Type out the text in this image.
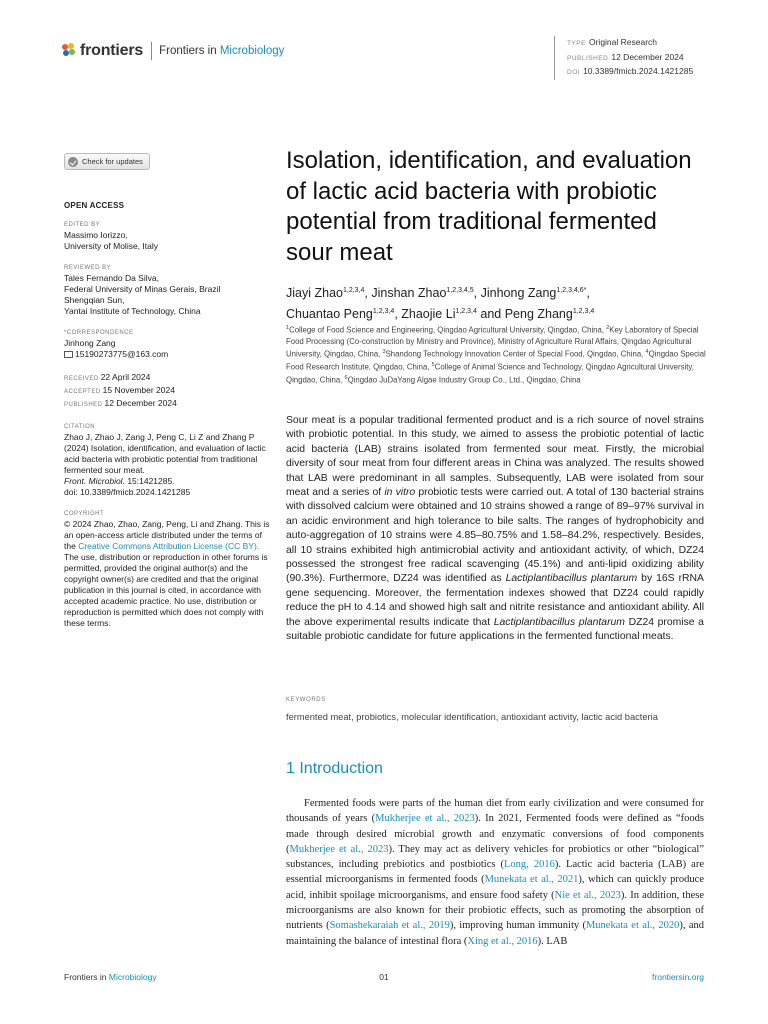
frontiers Frontiers in Microbiology
TYPE Original Research
PUBLISHED 12 December 2024
DOI 10.3389/fmicb.2024.1421285
Check for updates
OPEN ACCESS
EDITED BY
Massimo Iorizzo,
University of Molise, Italy
REVIEWED BY
Tales Fernando Da Silva,
Federal University of Minas Gerais, Brazil
Shengqian Sun,
Yantai Institute of Technology, China
*CORRESPONDENCE
Jinhong Zang
15190273775@163.com
RECEIVED 22 April 2024
ACCEPTED 15 November 2024
PUBLISHED 12 December 2024
CITATION
Zhao J, Zhao J, Zang J, Peng C, Li Z and Zhang P (2024) Isolation, identification, and evaluation of lactic acid bacteria with probiotic potential from traditional fermented sour meat.
Front. Microbiol. 15:1421285.
doi: 10.3389/fmicb.2024.1421285
COPYRIGHT
© 2024 Zhao, Zhao, Zang, Peng, Li and Zhang. This is an open-access article distributed under the terms of the Creative Commons Attribution License (CC BY). The use, distribution or reproduction in other forums is permitted, provided the original author(s) and the copyright owner(s) are credited and that the original publication in this journal is cited, in accordance with accepted academic practice. No use, distribution or reproduction is permitted which does not comply with these terms.
Isolation, identification, and evaluation of lactic acid bacteria with probiotic potential from traditional fermented sour meat
Jiayi Zhao$^{1,2,3,4}$, Jinshan Zhao$^{1,2,3,4,5}$, Jinhong Zang$^{1,2,3,4,6*}$,
Chuantao Peng$^{1,2,3,4}$, Zhaojie Li$^{1,2,3,4}$ and Peng Zhang$^{1,2,3,4}$
$^1$College of Food Science and Engineering, Qingdao Agricultural University, Qingdao, China, $^2$Key Laboratory of Special Food Processing (Co-construction by Ministry and Province), Ministry of Agriculture Rural Affairs, Qingdao Agricultural University, Qingdao, China, $^3$Shandong Technology Innovation Center of Special Food, Qingdao, China, $^4$Qingdao Special Food Research Institute, Qingdao, China, $^5$College of Animal Science and Technology, Qingdao Agricultural University, Qingdao, China, $^6$Qingdao JuDaYang Algae Industry Group Co., Ltd., Qingdao, China
Sour meat is a popular traditional fermented product and is a rich source of novel strains with probiotic potential. In this study, we aimed to assess the probiotic potential of lactic acid bacteria (LAB) strains isolated from fermented sour meat. Firstly, the microbial diversity of sour meat from four different areas in China was analyzed. The results showed that LAB were predominant in all samples. Subsequently, LAB were isolated from sour meat and a series of in vitro probiotic tests were carried out. A total of 130 bacterial strains with dissolved calcium were obtained and 10 strains showed a range of 89–97% survival in an acidic environment and high tolerance to bile salts. The ranges of hydrophobicity and auto-aggregation of 10 strains were 4.85–80.75% and 1.58–84.2%, respectively. Besides, all 10 strains exhibited high antimicrobial activity and antioxidant activity, of which, DZ24 possessed the strongest free radical scavenging (45.1%) and anti-lipid oxidizing ability (90.3%). Furthermore, DZ24 was identified as Lactiplantibacillus plantarum by 16S rRNA gene sequencing. Moreover, the fermentation indexes showed that DZ24 could rapidly reduce the pH to 4.14 and showed high salt and nitrite resistance and antioxidant ability. All the above experimental results indicate that Lactiplantibacillus plantarum DZ24 promise a suitable probiotic candidate for future applications in the fermented functional meats.
KEYWORDS
fermented meat, probiotics, molecular identification, antioxidant activity, lactic acid bacteria
1 Introduction
Fermented foods were parts of the human diet from early civilization and were consumed for thousands of years (Mukherjee et al., 2023). In 2021, Fermented foods were defined as “foods made through desired microbial growth and enzymatic conversions of food components (Mukherjee et al., 2023). They may act as delivery vehicles for probiotics or other “biological” substances, including prebiotics and postbiotics (Long, 2016). Lactic acid bacteria (LAB) are essential microorganisms in fermented foods (Munekata et al., 2021), which can quickly produce acid, inhibit spoilage microorganisms, and ensure food safety (Nie et al., 2023). In addition, these microorganisms are also known for their probiotic effects, such as promoting the absorption of nutrients (Somashekaraiah et al., 2019), improving human immunity (Munekata et al., 2020), and maintaining the balance of intestinal flora (Xing et al., 2016). LAB
Frontiers in Microbiology	01	frontiersin.org
